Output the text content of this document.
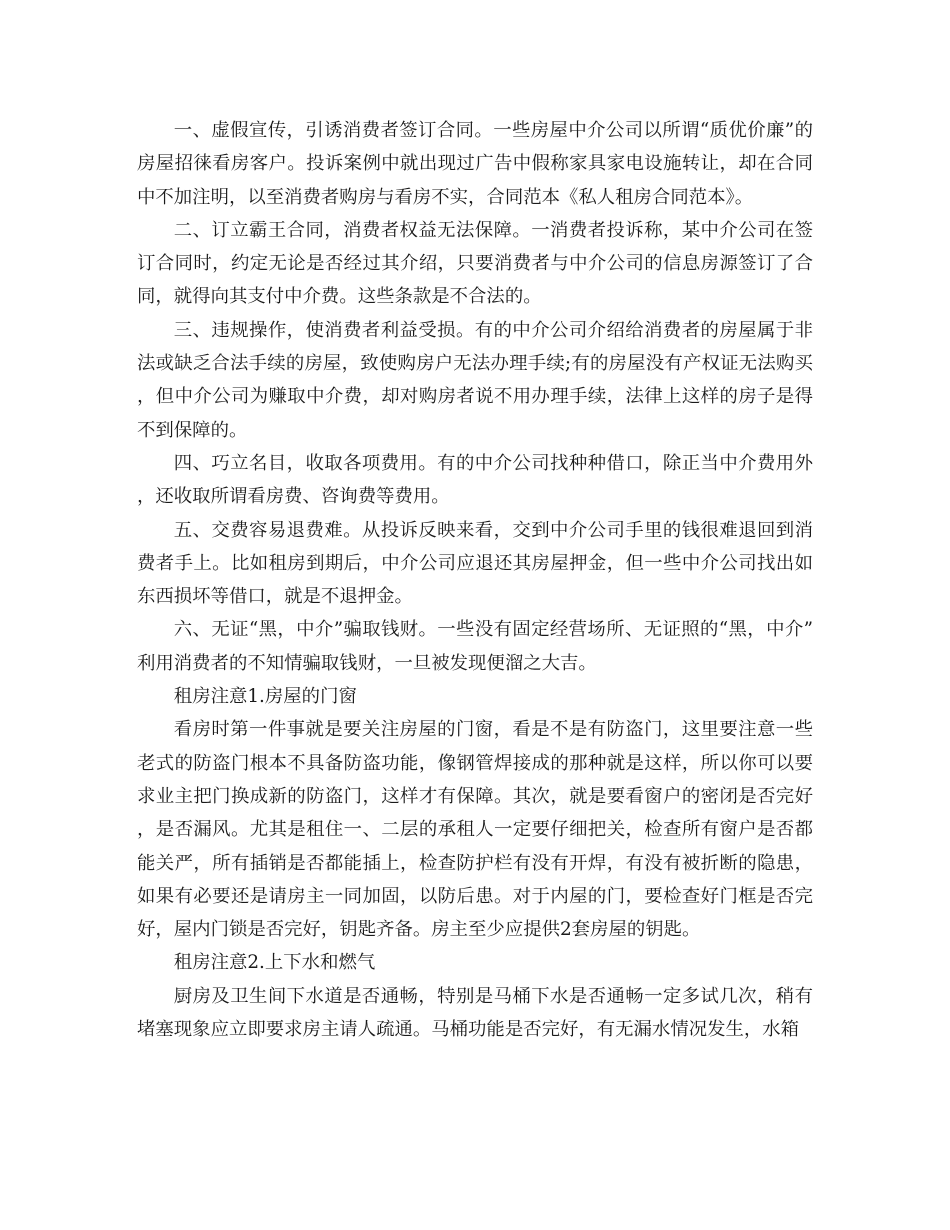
一、虚假宣传，引诱消费者签订合同。一些房屋中介公司以所谓“质优价廉”的房屋招徕看房客户。投诉案例中就出现过广告中假称家具家电设施转让，却在合同中不加注明，以至消费者购房与看房不实，合同范本《私人租房合同范本》。

二、订立霸王合同，消费者权益无法保障。一消费者投诉称，某中介公司在签订合同时，约定无论是否经过其介绍，只要消费者与中介公司的信息房源签订了合同，就得向其支付中介费。这些条款是不合法的。

三、违规操作，使消费者利益受损。有的中介公司介绍给消费者的房屋属于非法或缺乏合法手续的房屋，致使购房户无法办理手续;有的房屋没有产权证无法购买，但中介公司为赚取中介费，却对购房者说不用办理手续，法律上这样的房子是得不到保障的。

四、巧立名目，收取各项费用。有的中介公司找种种借口，除正当中介费用外，还收取所谓看房费、咨询费等费用。

五、交费容易退费难。从投诉反映来看，交到中介公司手里的钱很难退回到消费者手上。比如租房到期后，中介公司应退还其房屋押金，但一些中介公司找出如东西损坏等借口，就是不退押金。

六、无证“黑，中介”骗取钱财。一些没有固定经营场所、无证照的“黑，中介”利用消费者的不知情骗取钱财，一旦被发现便溜之大吉。

租房注意1.房屋的门窗

看房时第一件事就是要关注房屋的门窗，看是不是有防盗门，这里要注意一些老式的防盗门根本不具备防盗功能，像钢管焊接成的那种就是这样，所以你可以要求业主把门换成新的防盗门，这样才有保障。其次，就是要看窗户的密闭是否完好，是否漏风。尤其是租住一、二层的承租人一定要仔细把关，检查所有窗户是否都能关严，所有插销是否都能插上，检查防护栏有没有开焊，有没有被折断的隐患，如果有必要还是请房主一同加固，以防后患。对于内屋的门，要检查好门框是否完好，屋内门锁是否完好，钥匙齐备。房主至少应提供2套房屋的钥匙。

租房注意2.上下水和燃气

厨房及卫生间下水道是否通畅，特别是马桶下水是否通畅一定多试几次，稍有堵塞现象应立即要求房主请人疏通。马桶功能是否完好，有无漏水情况发生，水箱
